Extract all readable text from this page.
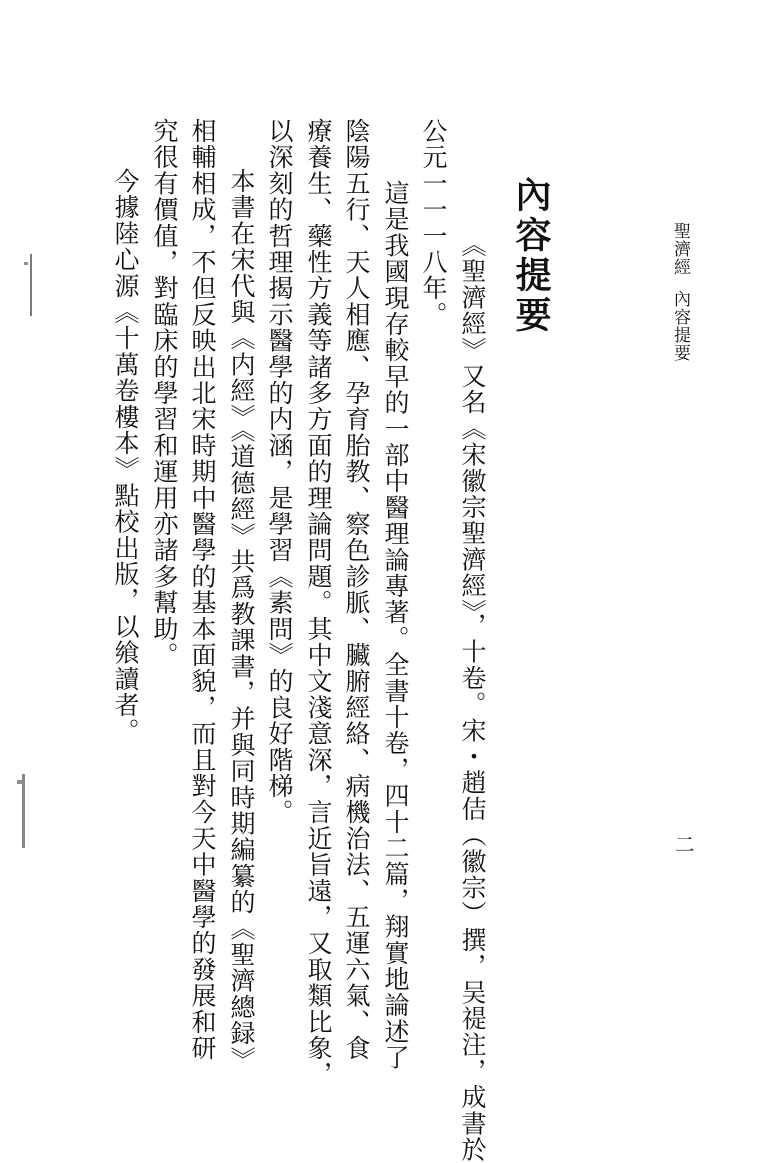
聖濟經內容提要
二
內容提要
《聖濟經》又名《宋徽宗聖濟經》，十卷。宋・趙佶（徽宗）撰，吴禔注，成書於
公元一一一八年。
這是我國現存較早的一部中醫理論專著。全書十卷，四十二篇，翔實地論述了
陰陽五行、天人相應、孕育胎教、察色診脈、臟腑經絡、病機治法、五運六氣、食
療養生、藥性方義等諸多方面的理論問題。其中文淺意深，言近旨遠，又取類比象，
以深刻的哲理揭示醫學的内涵，是學習《素問》的良好階梯。
本書在宋代與《内經》《道德經》共爲教課書，并與同時期編纂的《聖濟總録》
相輔相成，不但反映出北宋時期中醫學的基本面貌，而且對今天中醫學的發展和研
究很有價值，對臨床的學習和運用亦諸多幫助。
今據陸心源《十萬卷樓本》點校出版，以飨讀者。
